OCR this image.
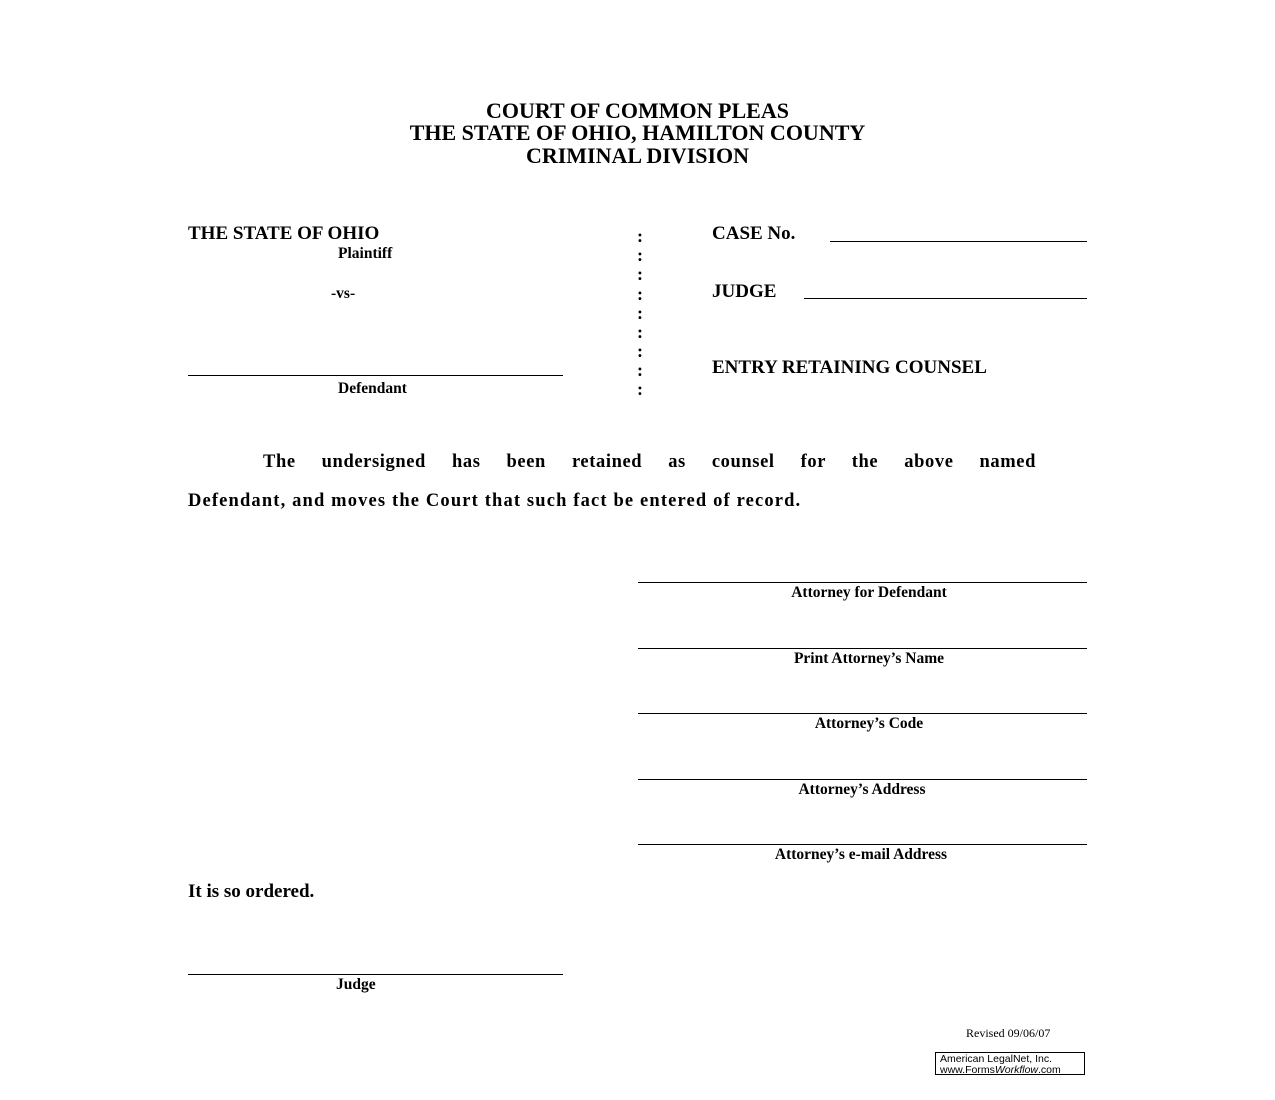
COURT OF COMMON PLEAS
THE STATE OF OHIO, HAMILTON COUNTY
CRIMINAL DIVISION
THE STATE OF OHIO
Plaintiff
-vs-
Defendant
:
:
:
:
:
:
:
:
:
CASE No.
JUDGE
ENTRY RETAINING COUNSEL
The undersigned has been retained as counsel for the above named
Defendant, and moves the Court that such fact be entered of record.
Attorney for Defendant
Print Attorney’s Name
Attorney’s Code
Attorney’s Address
Attorney’s e-mail Address
It is so ordered.
Judge
Revised 09/06/07
American LegalNet, Inc.
www.FormsWorkflow.com
